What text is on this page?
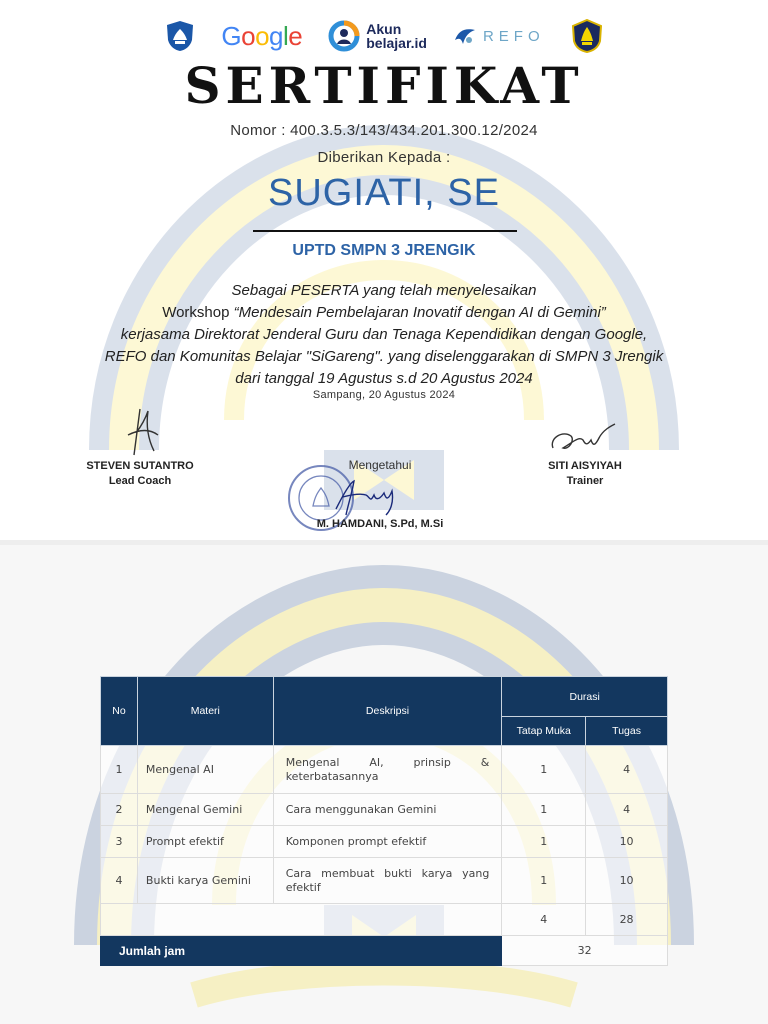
Google	Akun
belajar.id	REFO
SERTIFIKAT
Nomor : 400.3.5.3/143/434.201.300.12/2024
Diberikan Kepada :
SUGIATI, SE
UPTD SMPN 3 JRENGIK
Sebagai PESERTA yang telah menyelesaikan
Workshop “Mendesain Pembelajaran Inovatif dengan AI di Gemini”
kerjasama Direktorat Jenderal Guru dan Tenaga Kependidikan dengan Google,
REFO dan Komunitas Belajar "SiGareng". yang diselenggarakan di SMPN 3 Jrengik
dari tanggal 19 Agustus s.d 20 Agustus 2024
Sampang, 20 Agustus 2024
STEVEN SUTANTRO
Lead Coach
SITI AISYIYAH
Trainer
Mengetahui
M. HAMDANI, S.Pd, M.Si
No	Materi	Deskripsi	Durasi	
			Tatap Muka	Tugas
1	Mengenal AI	Mengenal AI, prinsip & keterbatasannya	1	4
2	Mengenal Gemini	Cara menggunakan Gemini	1	4
3	Prompt efektif	Komponen prompt efektif	1	10
4	Bukti karya Gemini	Cara membuat bukti karya yang efektif	1	10
			4	28
Jumlah jam			32	
